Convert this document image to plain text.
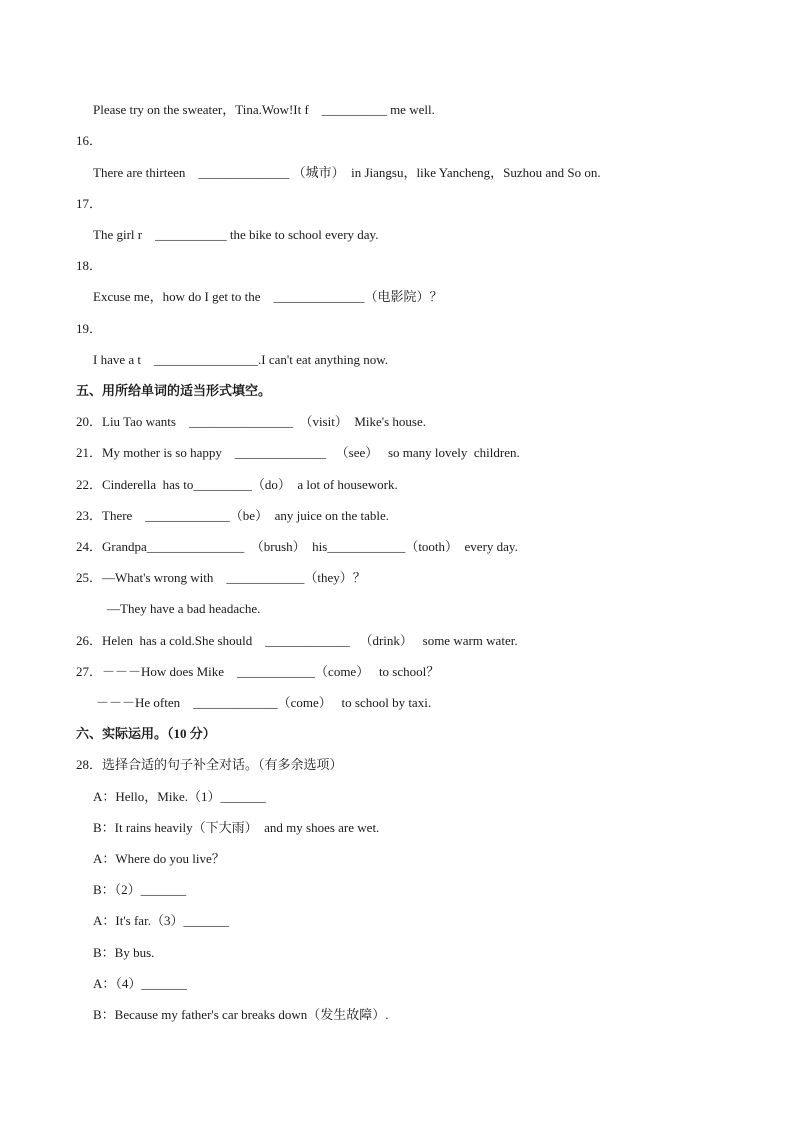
Please try on the sweater，Tina.Wow!It f    __________ me well.
16．
There are thirteen    ______________ （城市）  in Jiangsu，like Yancheng，Suzhou and So on.
17．
The girl r    ___________ the bike to school every day.
18．
Excuse me，how do I get to the    ______________（电影院）？
19．
I have a t    ________________.I can't eat anything now.
五、用所给单词的适当形式填空。
20．Liu Tao wants    ________________  （visit）  Mike's house.
21．My mother is so happy    ______________   （see）   so many lovely  children.
22．Cinderella  has to_________（do）  a lot of housework.
23．There    _____________（be）  any juice on the table.
24．Grandpa_______________  （brush）  his____________（tooth）  every day.
25．—What's wrong with    ____________（they）？
—They have a bad headache.
26．Helen  has a cold.She should    _____________   （drink）   some warm water.
27．－－－How does Mike    ____________（come）   to school？
－－－He often    _____________（come）   to school by taxi.
六、实际运用。（10 分）
28．选择合适的句子补全对话。（有多余选项）
A：Hello，Mike.（1）_______
B：It rains heavily（下大雨）  and my shoes are wet.
A：Where do you live？
B：（2）_______
A：It's far.（3）_______
B：By bus.
A：（4）_______
B：Because my father's car breaks down（发生故障）.
